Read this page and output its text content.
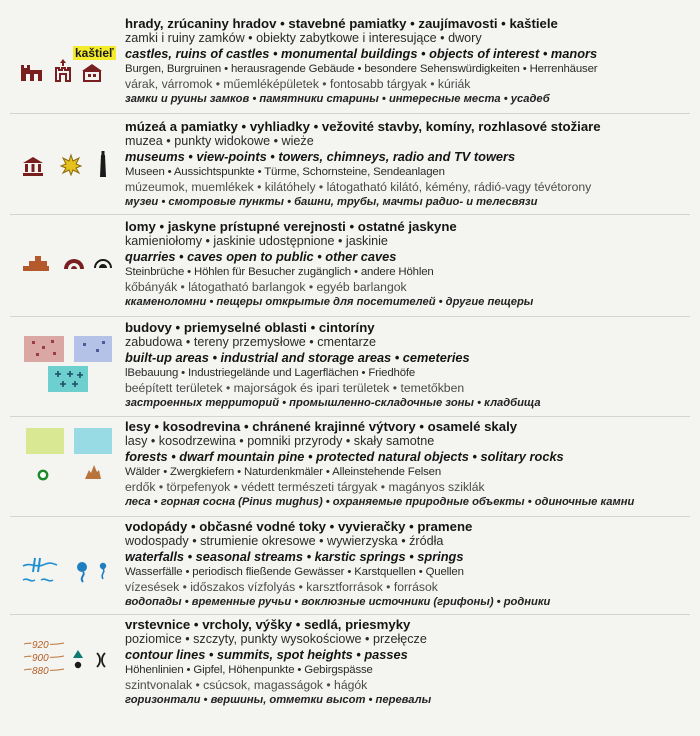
hrady, zrúcaniny hradov • stavebné pamiatky • zaujímavosti • kaštiele
zamki i ruiny zamków • obiekty zabytkowe i interesujące • dwory
castles, ruins of castles • monumental buildings • objects of interest • manors
Burgen, Burgruinen • herausragende Gebäude • besondere Sehenswürdigkeiten • Herrenhäuser
várak, várromok • műemléképületek • fontosabb tárgyak • kúriák
замки и руины замков • памятники старины • интересные места • усадеб
kaštieľ
múzeá a pamiatky • vyhliadky • vežovité stavby, komíny, rozhlasové stožiare
muzea • punkty widokowe • wieże
museums • view-points • towers, chimneys, radio and TV towers
Museen • Aussichtspunkte • Türme, Schornsteine, Sendeanlagen
múzeumok, muemlékek • kilátóhely • látogatható kilátó, kémény, rádió-vagy tévétorony
музеи • смотровые пункты • башни, трубы, мачты радио- и телесвязи
lomy • jaskyne prístupné verejnosti • ostatné jaskyne
kamieniołomy • jaskinie udostępnione • jaskinie
quarries • caves open to public • other caves
Steinbrüche • Höhlen für Besucher zugänglich • andere Höhlen
kőbányák • látogatható barlangok • egyéb barlangok
ккаменоломни • пещеры открытые для посетителей • другие пещеры
budovy • priemyselné oblasti • cintoríny
zabudowa • tereny przemysłowe • cmentarze
built-up areas • industrial and storage areas • cemeteries
lBebauung • Industriegelände und Lagerflächen • Friedhöfe
beépített területek • majorságok és ipari területek • temetőkben
застроенных территорий • промышленно-складочные зоны • кладбища
lesy • kosodrevina • chránené krajinné výtvory • osamelé skaly
lasy • kosodrzewina • pomniki przyrody • skały samotne
forests • dwarf mountain pine • protected natural objects • solitary rocks
Wälder • Zwergkiefern • Naturdenkmäler • Alleinstehende Felsen
erdők • törpefenyok • védett természeti tárgyak • magányos sziklák
леса • горная сосна (Pinus mughus) • охраняемые природные объекты • одиночные камни
vodopády • občasné vodné toky • vyvieračky • pramene
wodospady • strumienie okresowe • wywierzyska • źródła
waterfalls • seasonal streams • karstic springs • springs
Wasserfälle • periodisch fließende Gewässer • Karstquellen • Quellen
vízesések • időszakos vízfolyás • karsztforrások • források
водопады • временные ручьи • воклюзные источники (грифоны) • родники
vrstevnice • vrcholy, výšky • sedlá, priesmyky
poziomice • szczyty, punkty wysokościowe • przełęcze
contour lines • summits, spot heights • passes
Höhenlinien • Gipfel, Höhenpunkte • Gebirgspässe
szintvonalak • csúcsok, magasságok • hágók
горизонтали • вершины, отметки высот • перевалы
920
900
880
